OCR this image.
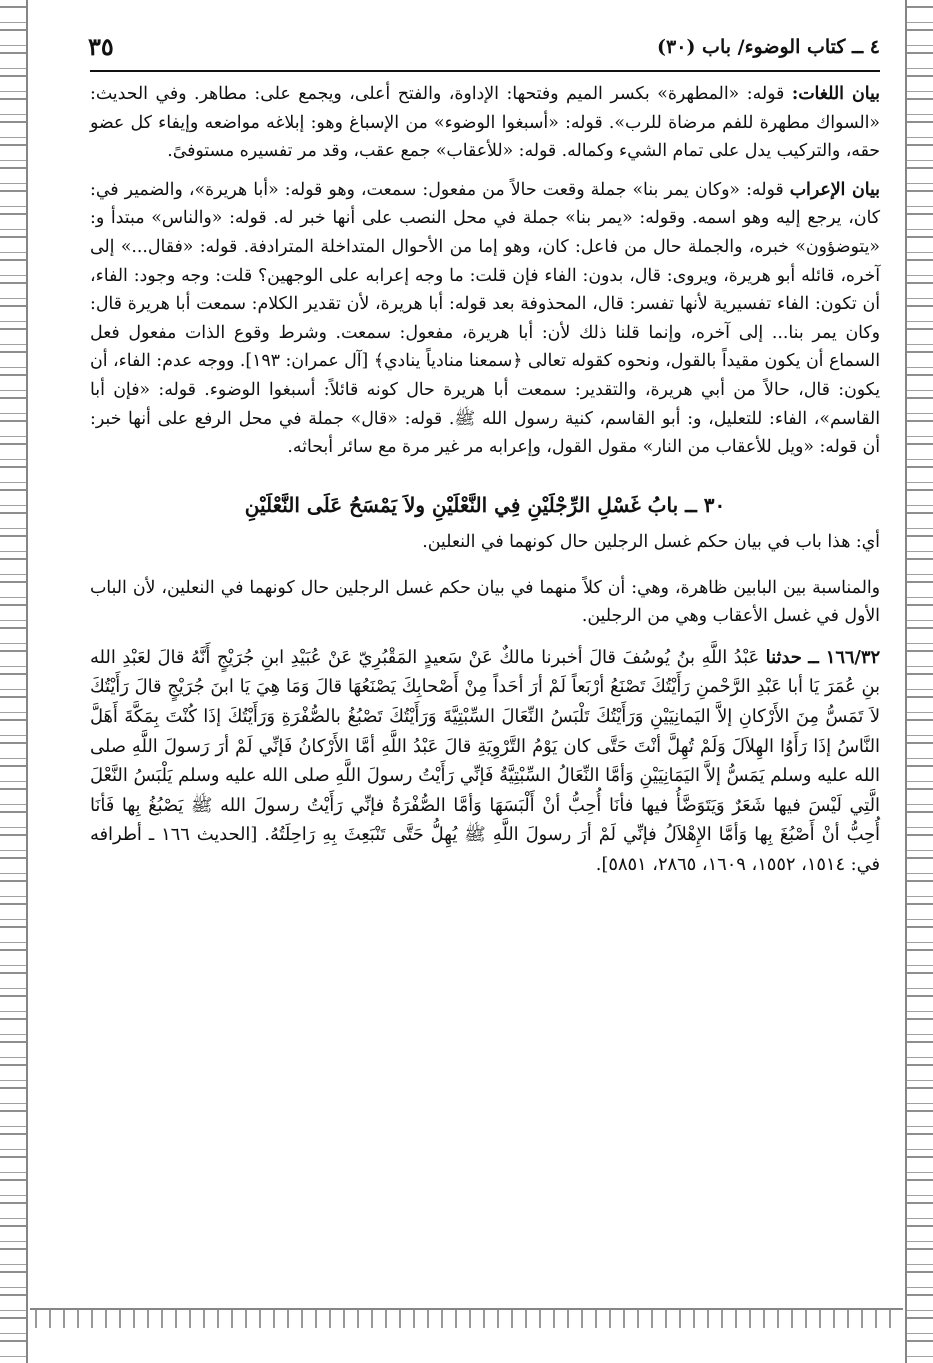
٤ ــ كتاب الوضوء/ باب (٣٠)
٣٥

بيان اللغات: قوله: «المطهرة» بكسر الميم وفتحها: الإداوة، والفتح أعلى، ويجمع على: مطاهر. وفي الحديث: «السواك مطهرة للفم مرضاة للرب». قوله: «أسبغوا الوضوء» من الإسباغ وهو: إبلاغه مواضعه وإيفاء كل عضو حقه، والتركيب يدل على تمام الشيء وكماله. قوله: «للأعقاب» جمع عقب، وقد مر تفسيره مستوفىً.

بيان الإعراب قوله: «وكان يمر بنا» جملة وقعت حالاً من مفعول: سمعت، وهو قوله: «أبا هريرة»، والضمير في: كان، يرجع إليه وهو اسمه. وقوله: «يمر بنا» جملة في محل النصب على أنها خبر له. قوله: «والناس» مبتدأ و: «يتوضؤون» خبره، والجملة حال من فاعل: كان، وهو إما من الأحوال المتداخلة المترادفة. قوله: «فقال...» إلى آخره، قائله أبو هريرة، ويروى: قال، بدون: الفاء فإن قلت: ما وجه إعرابه على الوجهين؟ قلت: وجه وجود: الفاء، أن تكون: الفاء تفسيرية لأنها تفسر: قال، المحذوفة بعد قوله: أبا هريرة، لأن تقدير الكلام: سمعت أبا هريرة قال: وكان يمر بنا... إلى آخره، وإنما قلنا ذلك لأن: أبا هريرة، مفعول: سمعت. وشرط وقوع الذات مفعول فعل السماع أن يكون مقيداً بالقول، ونحوه كقوله تعالى ﴿سمعنا منادياً ينادي﴾ [آل عمران: ١٩٣]. ووجه عدم: الفاء، أن يكون: قال، حالاً من أبي هريرة، والتقدير: سمعت أبا هريرة حال كونه قائلاً: أسبغوا الوضوء. قوله: «فإن أبا القاسم»، الفاء: للتعليل، و: أبو القاسم، كنية رسول الله ﷺ. قوله: «قال» جملة في محل الرفع على أنها خبر: أن قوله: «ويل للأعقاب من النار» مقول القول، وإعرابه مر غير مرة مع سائر أبحاثه.

٣٠ ــ بابُ غَسْلِ الرِّجْلَيْنِ فِي النَّعْلَيْنِ ولاَ يَمْسَحُ عَلَى النَّعْلَيْنِ

أي: هذا باب في بيان حكم غسل الرجلين حال كونهما في النعلين.

والمناسبة بين البابين ظاهرة، وهي: أن كلاً منهما في بيان حكم غسل الرجلين حال كونهما في النعلين، لأن الباب الأول في غسل الأعقاب وهي من الرجلين.

١٦٦/٣٢ ــ حدثنا عَبْدُ اللَّهِ بنُ يُوسُفَ قالَ أخبرنا مالكٌ عَنْ سَعيدٍ المَقْبُرِيّ عَنْ عُبَيْدِ ابنِ جُرَيْجٍ أَنَّهُ قالَ لعَبْدِ الله بنِ عُمَرَ يَا أبا عَبْدِ الرَّحْمنِ رَأَيْتُكَ تَصْنَعُ أرْبَعاً لَمْ أرَ أحَداً مِنْ أَصْحابِكَ يَصْنَعُهَا قالَ وَمَا هِيَ يَا ابنَ جُرَيْجٍ قالَ رَأَيْتُكَ لاَ تَمَسُّ مِنَ الأَرْكانِ إلاَّ اليَمانِيَيْنِ وَرَأَيْتُكَ تَلْبَسُ النِّعَالَ السِّبْتِيَّةَ وَرَأَيْتُكَ تَصْبُغُ بالصُّفْرَةِ وَرَأَيْتُكَ إذَا كُنْتَ بِمَكَّةَ أَهَلَّ النَّاسُ إذَا رَأَوُا الهِلاَلَ وَلَمْ تُهِلَّ أنْتَ حَتَّى كان يَوْمُ التَّرْوِيَةِ قالَ عَبْدُ اللَّهِ أمَّا الأَرْكانُ فَإنِّي لَمْ أرَ رَسولَ اللَّهِ صلى الله عليه وسلم يَمَسُّ إلاَّ اليَمَانِيَيْنِ وَأمَّا النِّعَالُ السِّبْتِيَّةُ فَإنِّي رَأَيْتُ رسولَ اللَّهِ صلى الله عليه وسلم يَلْبَسُ النَّعْلَ الَّتِي لَيْسَ فيها شَعَرٌ وَيَتَوَضَّأُ فيها فأنَا أُحِبُّ أنْ أَلْبَسَهَا وَأمَّا الصُّفْرَةُ فإنِّي رَأَيْتُ رسولَ الله ﷺ يَصْبُغُ بِها فَأنَا أُحِبُّ أنْ أَصْبُغَ بِها وَأمَّا الإِهْلاَلُ فإنِّي لَمْ أرَ رسولَ اللَّهِ ﷺ يُهِلُّ حَتَّى تَنْبَعِثَ بِهِ رَاحِلَتُهُ. [الحديث ١٦٦ ـ أطرافه في: ١٥١٤، ١٥٥٢، ١٦٠٩، ٢٨٦٥، ٥٨٥١].
